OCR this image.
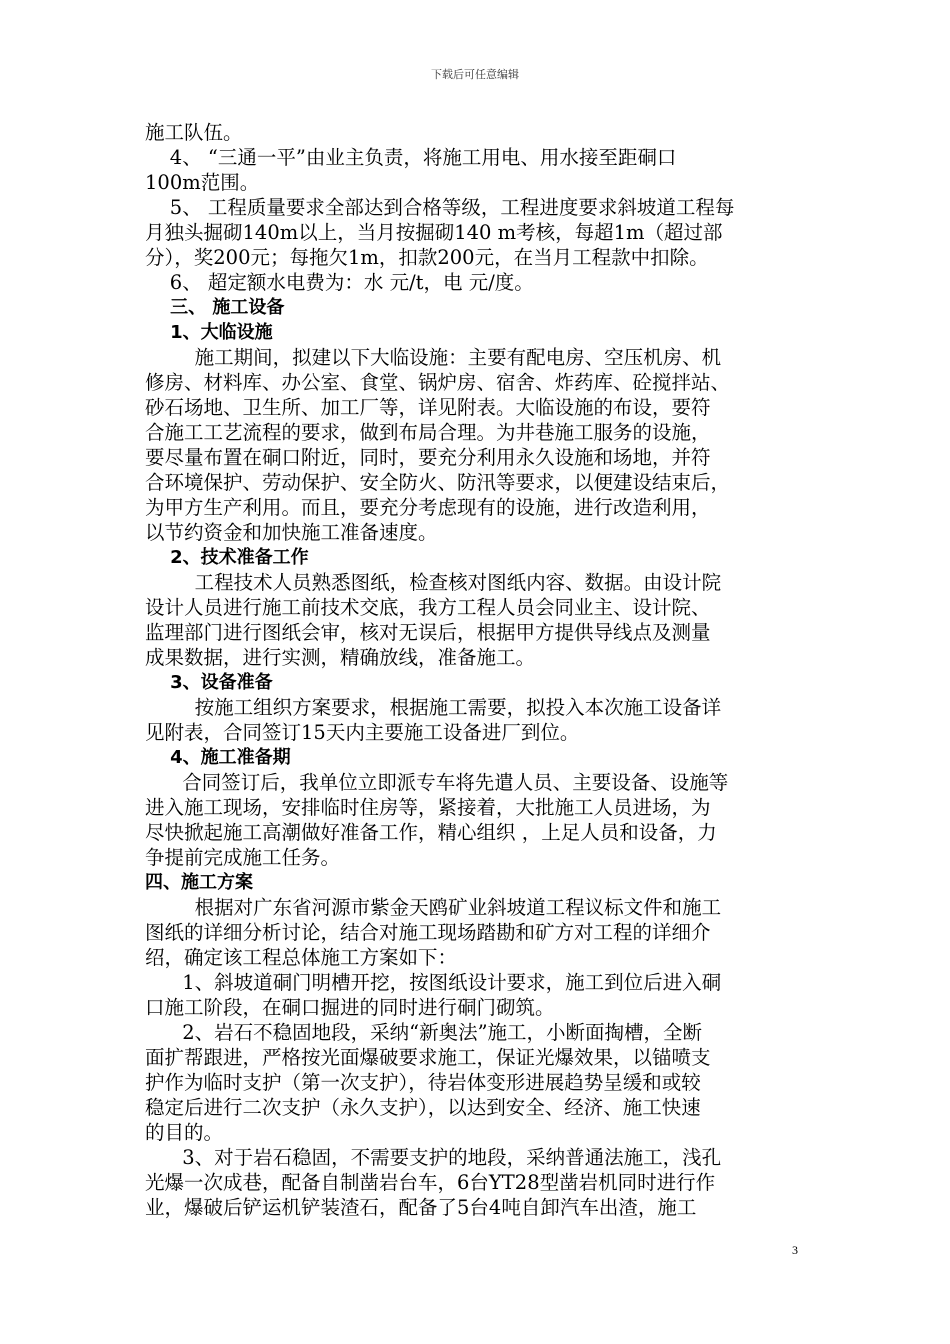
下载后可任意编辑
施工队伍。
4、 “三通一平”由业主负责，将施工用电、用水接至距硐口
100m范围。
5、 工程质量要求全部达到合格等级，工程进度要求斜坡道工程每
月独头掘砌140m以上，当月按掘砌140 m考核，每超1m（超过部
分），奖200元；每拖欠1m，扣款200元，在当月工程款中扣除。
6、 超定额水电费为：水 元/t，电 元/度。
三、 施工设备
1、大临设施
施工期间，拟建以下大临设施：主要有配电房、空压机房、机
修房、材料库、办公室、食堂、锅炉房、宿舍、炸药库、砼搅拌站、
砂石场地、卫生所、加工厂等，详见附表。大临设施的布设，要符
合施工工艺流程的要求，做到布局合理。为井巷施工服务的设施，
要尽量布置在硐口附近，同时，要充分利用永久设施和场地，并符
合环境保护、劳动保护、安全防火、防汛等要求，以便建设结束后，
为甲方生产利用。而且，要充分考虑现有的设施，进行改造利用，
以节约资金和加快施工准备速度。
2、技术准备工作
工程技术人员熟悉图纸，检查核对图纸内容、数据。由设计院
设计人员进行施工前技术交底，我方工程人员会同业主、设计院、
监理部门进行图纸会审，核对无误后，根据甲方提供导线点及测量
成果数据，进行实测，精确放线，准备施工。
3、设备准备
按施工组织方案要求，根据施工需要，拟投入本次施工设备详
见附表，合同签订15天内主要施工设备进厂到位。
4、施工准备期
合同签订后，我单位立即派专车将先遣人员、主要设备、设施等
进入施工现场，安排临时住房等，紧接着，大批施工人员进场，为
尽快掀起施工高潮做好准备工作，精心组织 ，上足人员和设备，力
争提前完成施工任务。
四、施工方案
根据对广东省河源市紫金天鸥矿业斜坡道工程议标文件和施工
图纸的详细分析讨论，结合对施工现场踏勘和矿方对工程的详细介
绍，确定该工程总体施工方案如下：
1、斜坡道硐门明槽开挖，按图纸设计要求，施工到位后进入硐
口施工阶段，在硐口掘进的同时进行硐门砌筑。
2、岩石不稳固地段，采纳“新奥法”施工，小断面掏槽，全断
面扩帮跟进，严格按光面爆破要求施工，保证光爆效果，以锚喷支
护作为临时支护（第一次支护），待岩体变形进展趋势呈缓和或较
稳定后进行二次支护（永久支护），以达到安全、经济、施工快速
的目的。
3、对于岩石稳固，不需要支护的地段，采纳普通法施工，浅孔
光爆一次成巷，配备自制凿岩台车，6台YT28型凿岩机同时进行作
业，爆破后铲运机铲装渣石，配备了5台4吨自卸汽车出渣，施工
3
